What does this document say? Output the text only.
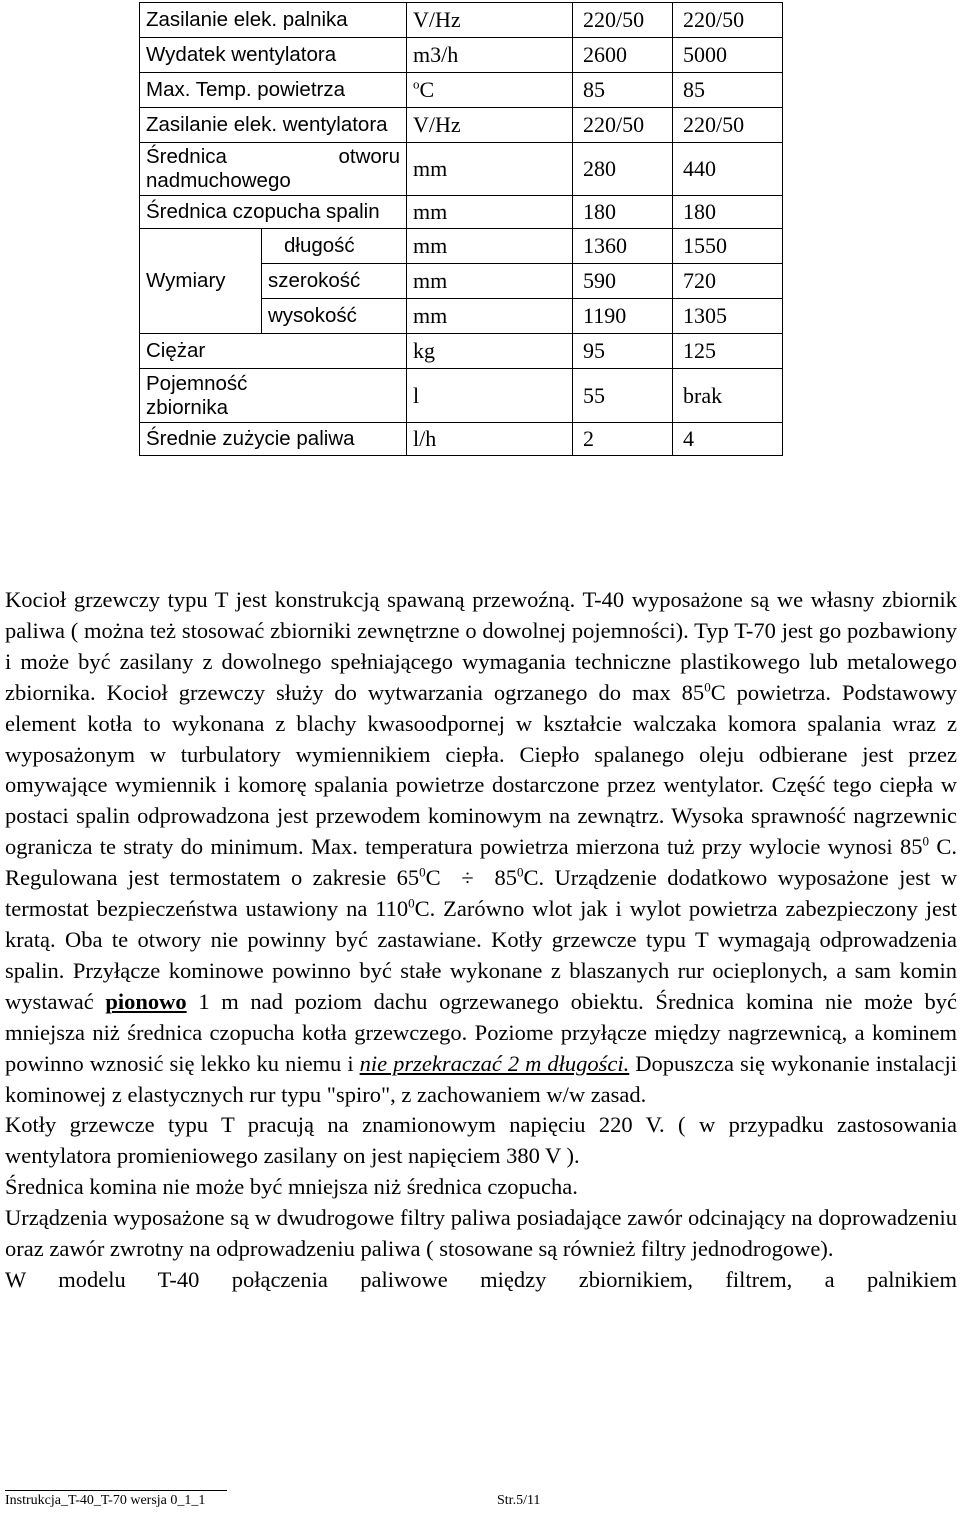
Zasilanie elek. palnika		V/Hz	220/50	220/50
Wydatek wentylatora		m3/h	2600	5000
Max. Temp. powietrza		$^o$C	85	85
Zasilanie elek. wentylatora		V/Hz	220/50	220/50

Średnica otworu
nadmuchowego		mm	280	440
Średnica czopucha spalin		mm	180	180
Wymiary	długość	mm	1360	1550
	szerokość	mm	590	720
	wysokość	mm	1190	1305
Ciężar		kg	95	125

Pojemność
zbiornika		l	55	brak
Średnie zużycie paliwa		l/h	2	4

Kocioł grzewczy typu T jest konstrukcją spawaną przewoźną. T-40 wyposażone są we własny zbiornik paliwa ( można też stosować zbiorniki zewnętrzne o dowolnej pojemności). Typ T-70 jest go pozbawiony i może być zasilany z dowolnego spełniającego wymagania techniczne plastikowego lub metalowego zbiornika. Kocioł grzewczy służy do wytwarzania ogrzanego do $\max 85^0C$ powietrza. Podstawowy element kotła to wykonana z blachy kwasoodpornej w kształcie walczaka komora spalania wraz z wyposażonym w turbulatory wymiennikiem ciepła. Ciepło spalanego oleju odbierane jest przez omywające wymiennik i komorę spalania powietrze dostarczone przez wentylator. Część tego ciepła w postaci spalin odprowadzona jest przewodem kominowym na zewnątrz. Wysoka sprawność nagrzewnic ogranicza te straty do minimum. Max. temperatura powietrza mierzona tuż przy wylocie wynosi $85^0$ C. Regulowana jest termostatem o zakresie $65^0C \div 85^0C$. Urządzenie dodatkowo wyposażone jest w termostat bezpieczeństwa ustawiony na $110^0C$. Zarówno wlot jak i wylot powietrza zabezpieczony jest kratą. Oba te otwory nie powinny być zastawiane. Kotły grzewcze typu T wymagają odprowadzenia spalin. Przyłącze kominowe powinno być stałe wykonane z blaszanych rur ocieplonych, a sam komin wystawać pionowo 1 m nad poziom dachu ogrzewanego obiektu. Średnica komina nie może być mniejsza niż średnica czopucha kotła grzewczego. Poziome przyłącze między nagrzewnicą, a kominem powinno wznosić się lekko ku niemu i nie przekraczać 2 m długości. Dopuszcza się wykonanie instalacji kominowej z elastycznych rur typu "spiro", z zachowaniem w/w zasad.

Kotły grzewcze typu T pracują na znamionowym napięciu 220 V. ( w przypadku zastosowania wentylatora promieniowego zasilany on jest napięciem 380 V ).

Średnica komina nie może być mniejsza niż średnica czopucha.

Urządzenia wyposażone są w dwudrogowe filtry paliwa posiadające zawór odcinający na doprowadzeniu oraz zawór zwrotny na odprowadzeniu paliwa ( stosowane są również filtry jednodrogowe).

W modelu T-40 połączenia paliwowe między zbiornikiem, filtrem, a palnikiem

Instrukcja_T-40_T-70 wersja 0_1_1	Str.5/11
